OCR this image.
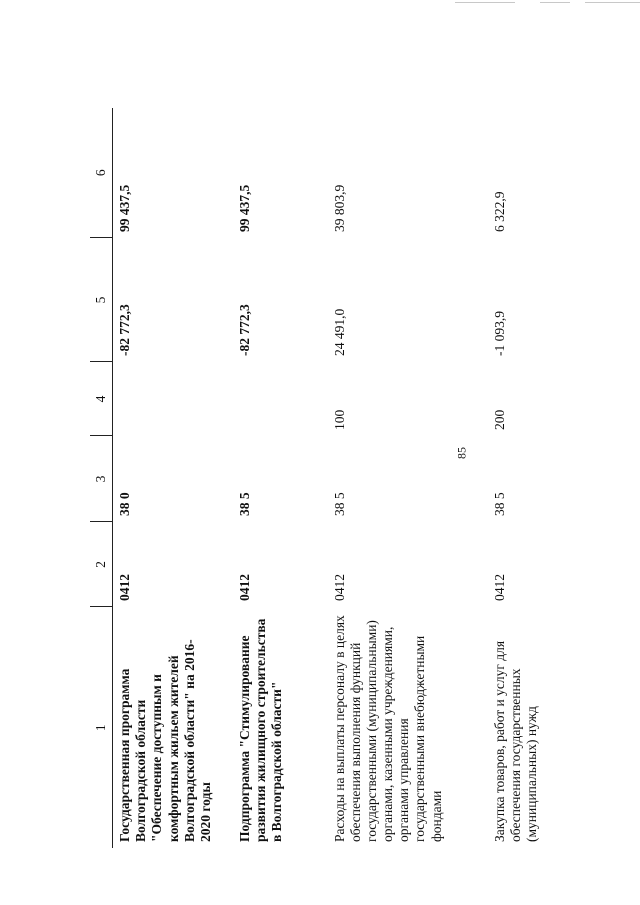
85
1	2	3	4	5	6
Государственная программа Волгоградской области "Обеспечение доступным и комфортным жильем жителей Волгоградской области" на 2016-2020 годы	0412	38 0		-82 772,3	99 437,5
Подпрограмма "Стимулирование развития жилищного строительства в Волгоградской области"	0412	38 5		-82 772,3	99 437,5
Расходы на выплаты персоналу в целях обеспечения выполнения функций государственными (муниципальными) органами, казенными учреждениями, органами управления государственными внебюджетными фондами	0412	38 5	100	24 491,0	39 803,9
Закупка товаров, работ и услуг для обеспечения государственных (муниципальных) нужд	0412	38 5	200	-1 093,9	6 322,9
